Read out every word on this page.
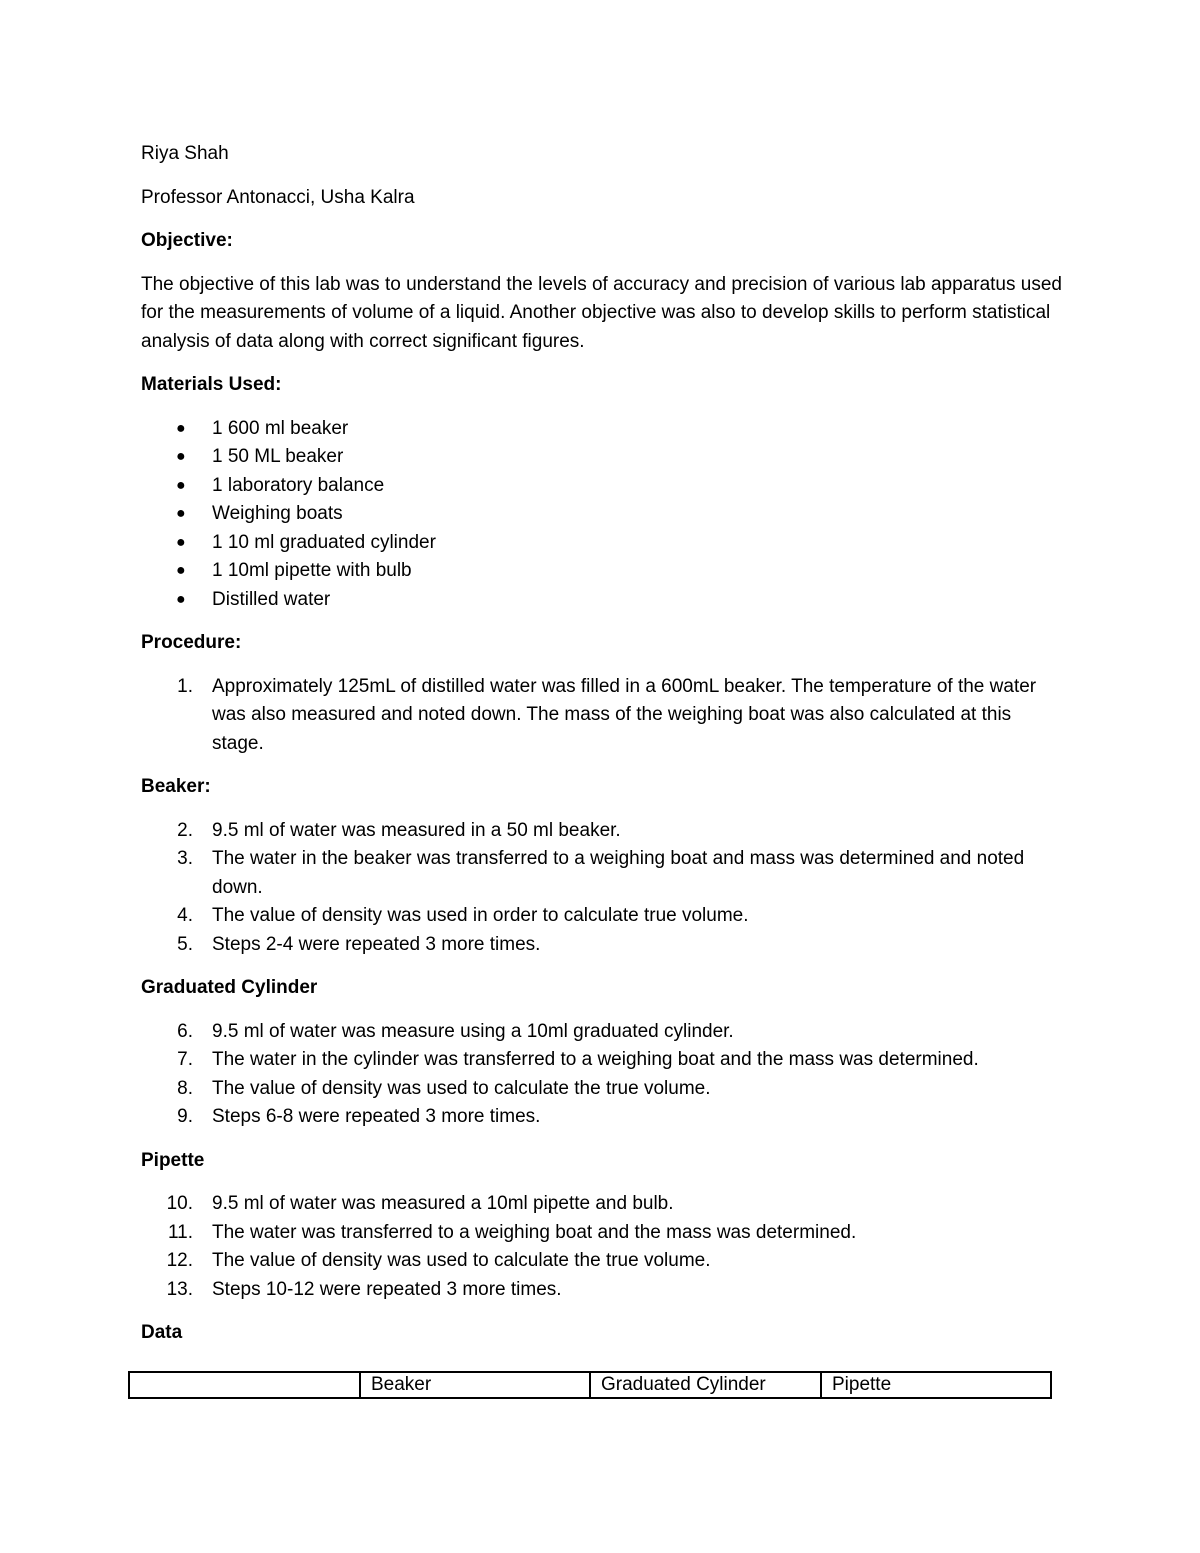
Riya Shah

Professor Antonacci, Usha Kalra

Objective:

The objective of this lab was to understand the levels of accuracy and precision of various lab apparatus used for the measurements of volume of a liquid. Another objective was also to develop skills to perform statistical analysis of data along with correct significant figures.

Materials Used:

● 1 600 ml beaker
● 1 50 ML beaker
● 1 laboratory balance
● Weighing boats
● 1 10 ml graduated cylinder
● 1 10ml pipette with bulb
● Distilled water

Procedure:

1. Approximately 125mL of distilled water was filled in a 600mL beaker. The temperature of the water was also measured and noted down. The mass of the weighing boat was also calculated at this stage.

Beaker:

2. 9.5 ml of water was measured in a 50 ml beaker.
3. The water in the beaker was transferred to a weighing boat and mass was determined and noted down.
4. The value of density was used in order to calculate true volume.
5. Steps 2-4 were repeated 3 more times.

Graduated Cylinder

6. 9.5 ml of water was measure using a 10ml graduated cylinder.
7. The water in the cylinder was transferred to a weighing boat and the mass was determined.
8. The value of density was used to calculate the true volume.
9. Steps 6-8 were repeated 3 more times.

Pipette

10. 9.5 ml of water was measured a 10ml pipette and bulb.
11. The water was transferred to a weighing boat and the mass was determined.
12. The value of density was used to calculate the true volume.
13. Steps 10-12 were repeated 3 more times.

Data

	Beaker	Graduated Cylinder	Pipette
